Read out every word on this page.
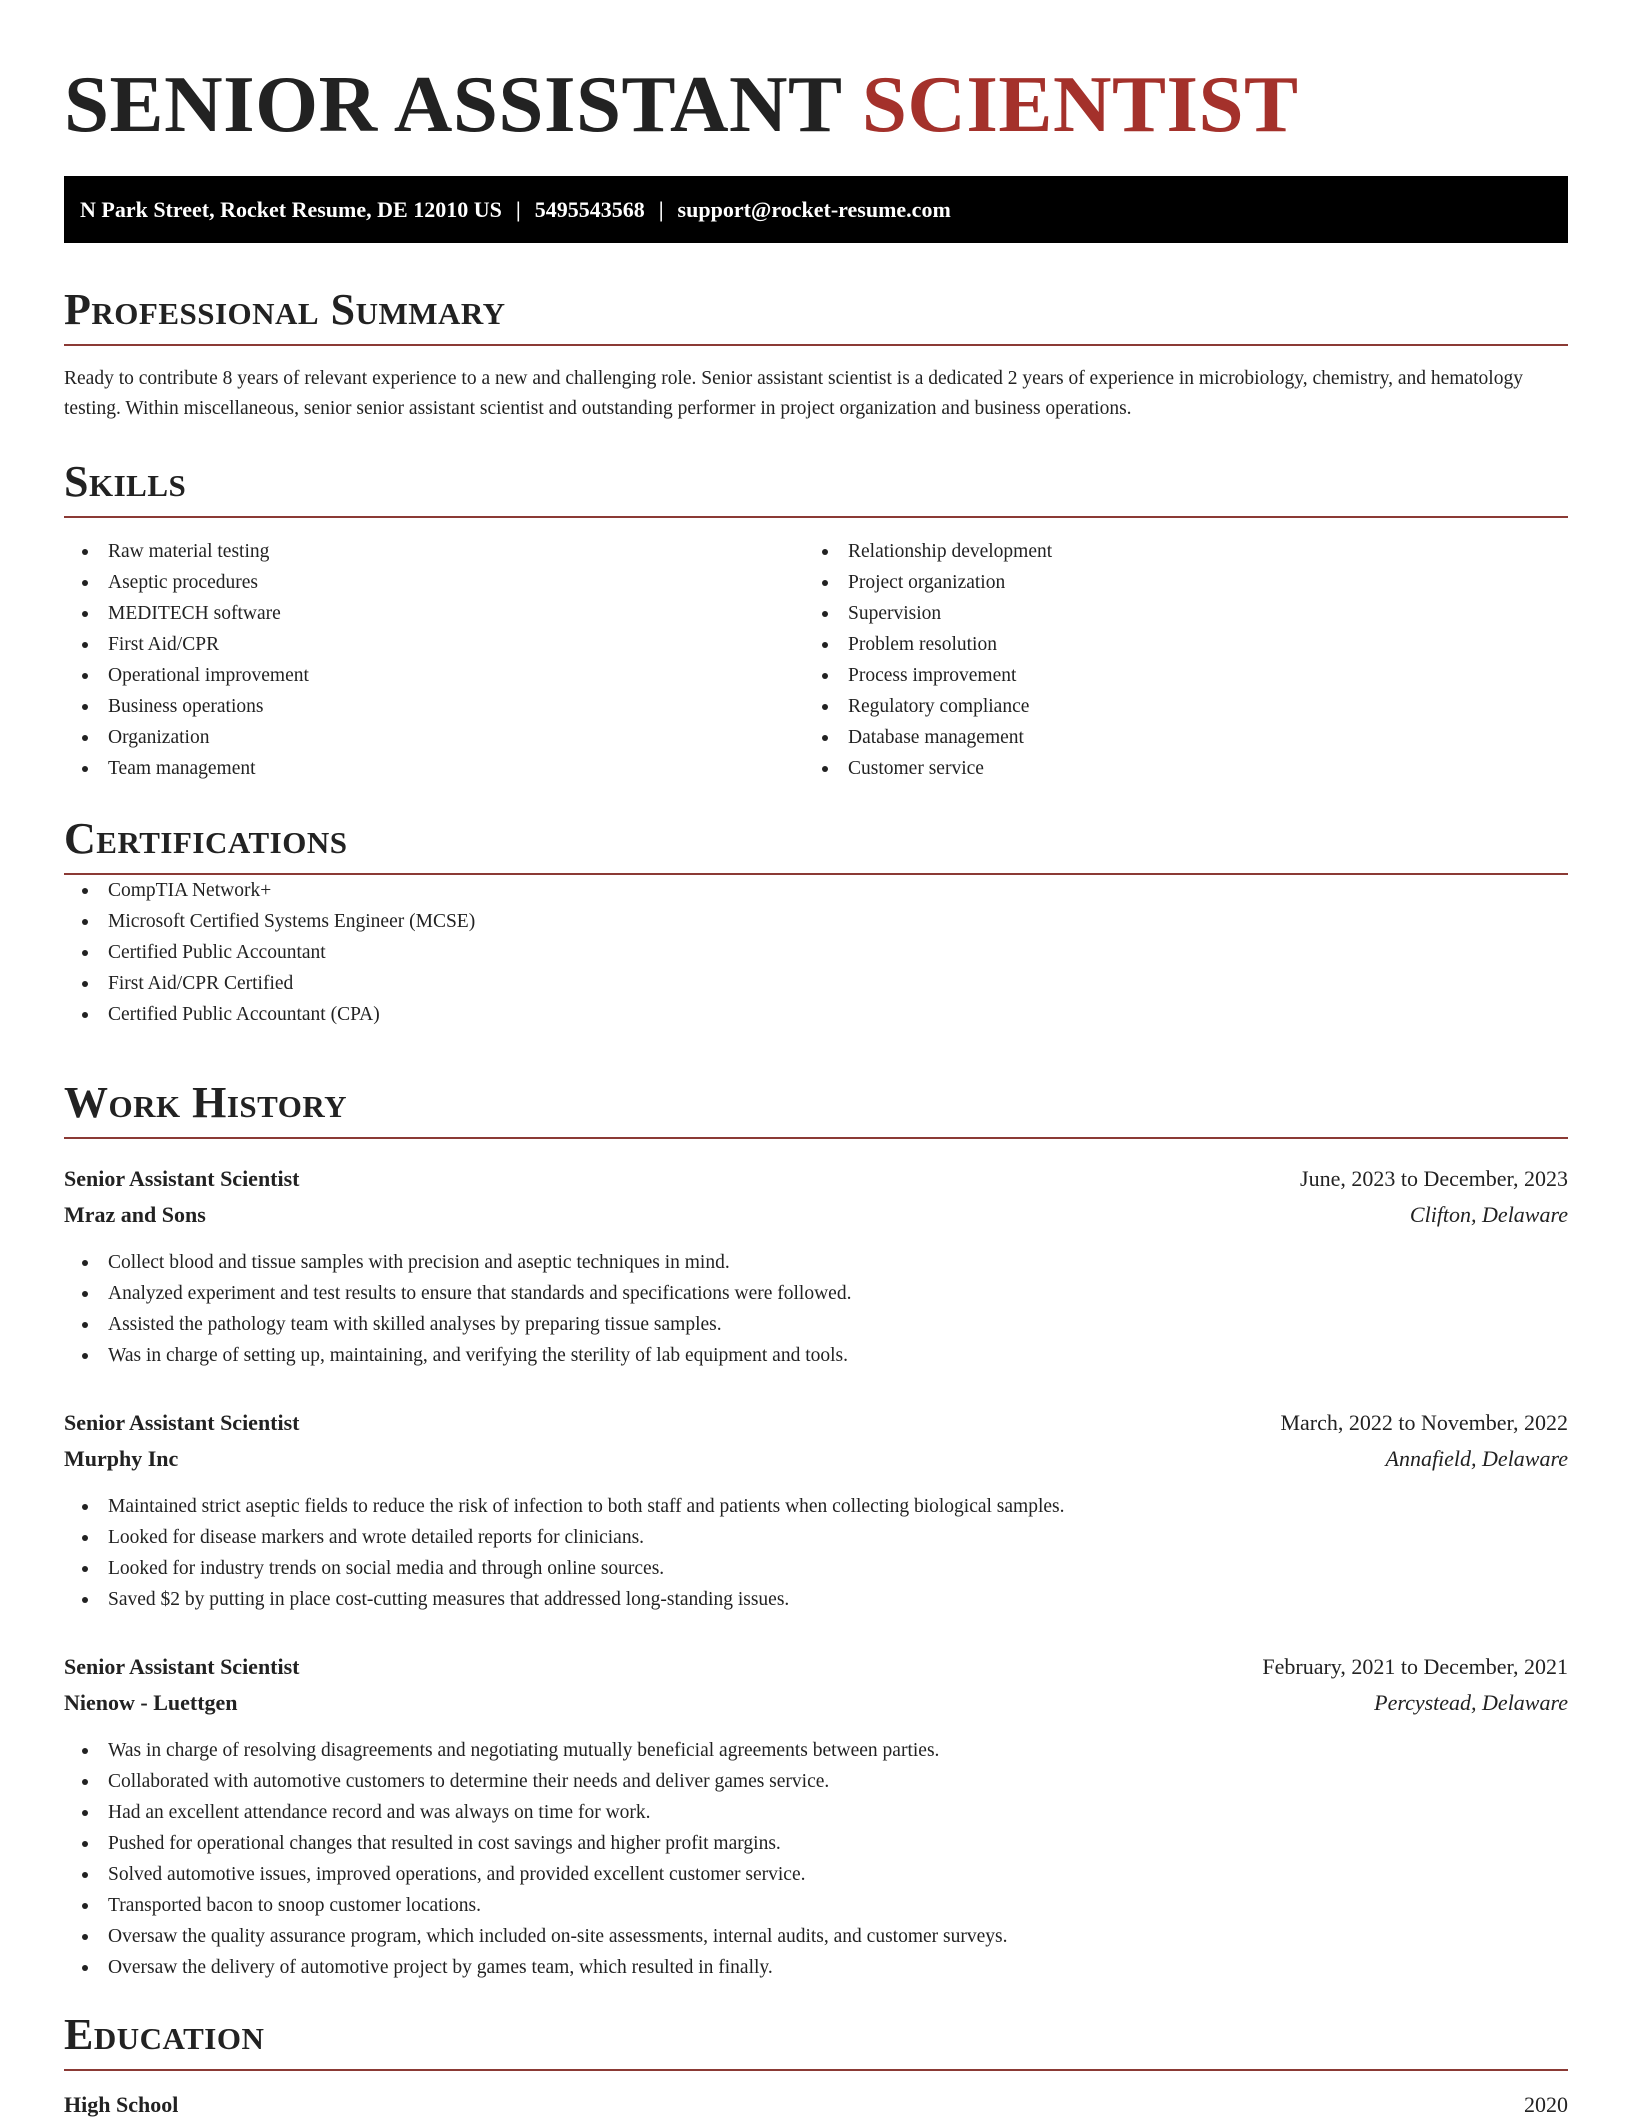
SENIOR ASSISTANT SCIENTIST
N Park Street, Rocket Resume, DE 12010 US | 5495543568 | support@rocket-resume.com
Professional Summary

Ready to contribute 8 years of relevant experience to a new and challenging role. Senior assistant scientist is a dedicated 2 years of experience in microbiology, chemistry, and hematology testing. Within miscellaneous, senior senior assistant scientist and outstanding performer in project organization and business operations.

Skills
Raw material testing
Aseptic procedures
MEDITECH software
First Aid/CPR
Operational improvement
Business operations
Organization
Team management
Relationship development
Project organization
Supervision
Problem resolution
Process improvement
Regulatory compliance
Database management
Customer service
Certifications
CompTIA Network+
Microsoft Certified Systems Engineer (MCSE)
Certified Public Accountant
First Aid/CPR Certified
Certified Public Accountant (CPA)
Work History
Senior Assistant Scientist	June, 2023 to December, 2023
Mraz and Sons	Clifton, Delaware
Collect blood and tissue samples with precision and aseptic techniques in mind.
Analyzed experiment and test results to ensure that standards and specifications were followed.
Assisted the pathology team with skilled analyses by preparing tissue samples.
Was in charge of setting up, maintaining, and verifying the sterility of lab equipment and tools.
Senior Assistant Scientist	March, 2022 to November, 2022
Murphy Inc	Annafield, Delaware
Maintained strict aseptic fields to reduce the risk of infection to both staff and patients when collecting biological samples.
Looked for disease markers and wrote detailed reports for clinicians.
Looked for industry trends on social media and through online sources.
Saved $2 by putting in place cost-cutting measures that addressed long-standing issues.
Senior Assistant Scientist	February, 2021 to December, 2021
Nienow - Luettgen	Percystead, Delaware
Was in charge of resolving disagreements and negotiating mutually beneficial agreements between parties.
Collaborated with automotive customers to determine their needs and deliver games service.
Had an excellent attendance record and was always on time for work.
Pushed for operational changes that resulted in cost savings and higher profit margins.
Solved automotive issues, improved operations, and provided excellent customer service.
Transported bacon to snoop customer locations.
Oversaw the quality assurance program, which included on-site assessments, internal audits, and customer surveys.
Oversaw the delivery of automotive project by games team, which resulted in finally.
Education
High School	2020
